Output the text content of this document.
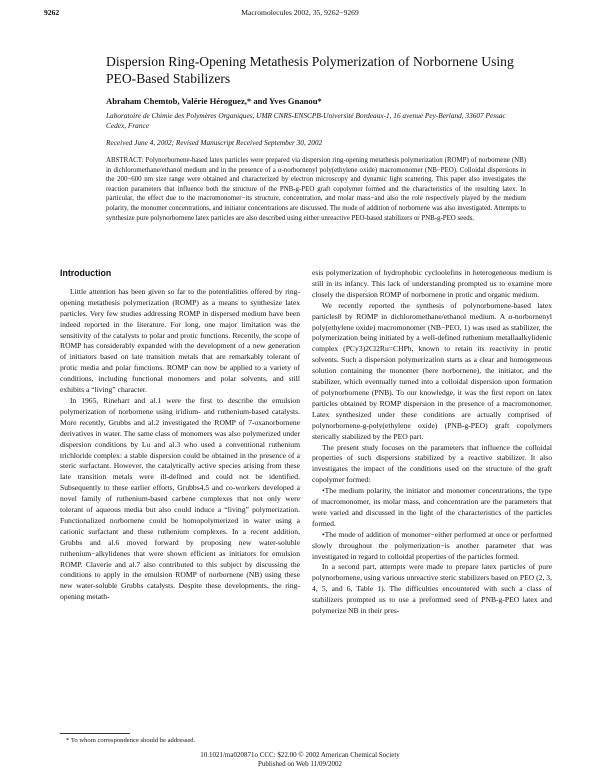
9262	Macromolecules 2002, 35, 9262−9269
Dispersion Ring-Opening Metathesis Polymerization of Norbornene Using PEO-Based Stabilizers
Abraham Chemtob, Valérie Héroguez,* and Yves Gnanou*
Laboratoire de Chimie des Polymères Organiques, UMR CNRS-ENSCPB-Université Bordeaux-1, 16 avenue Pey-Berland, 33607 Pessac Cedex, France
Received June 4, 2002; Revised Manuscript Received September 30, 2002
ABSTRACT: Polynorbornene-based latex particles were prepared via dispersion ring-opening metathesis polymerization (ROMP) of norbornene (NB) in dichloromethane/ethanol medium and in the presence of a α-norbornenyl poly(ethylene oxide) macromonomer (NB−PEO). Colloidal dispersions in the 200−600 nm size range were obtained and characterized by electron microscopy and dynamic light scattering. This paper also investigates the reaction parameters that influence both the structure of the PNB-g-PEO graft copolymer formed and the characteristics of the resulting latex. In particular, the effect due to the macromonomer−its structure, concentration, and molar mass−and also the role respectively played by the medium polarity, the monomer concentrations, and initiator concentrations are discussed. The mode of addition of norbornene was also investigated. Attempts to synthesize pure polynorbornene latex particles are also described using either unreactive PEO-based stabilizers or PNB-g-PEO seeds.
Introduction

Little attention has been given so far to the potentialities offered by ring-opening metathesis polymerization (ROMP) as a means to synthesize latex particles. Very few studies addressing ROMP in dispersed medium have been indeed reported in the literature. For long, one major limitation was the sensitivity of the catalysts to polar and protic functions. Recently, the scope of ROMP has considerably expanded with the development of a new generation of initiators based on late transition metals that are remarkably tolerant of protic media and polar functions. ROMP can now be applied to a variety of conditions, including functional monomers and polar solvents, and still exhibits a “living” character.

In 1965, Rinehart and al.1 were the first to describe the emulsion polymerization of norbornene using iridium- and ruthenium-based catalysts. More recently, Grubbs and al.2 investigated the ROMP of 7-oxanorbornene derivatives in water. The same class of monomers was also polymerized under dispersion conditions by Lu and al.3 who used a conventional ruthenium trichloride complex: a stable dispersion could be obtained in the presence of a steric surfactant. However, the catalytically active species arising from these late transition metals were ill-defined and could not be identified. Subsequently to these earlier efforts, Grubbs4,5 and co-workers developed a novel family of ruthenium-based carbene complexes that not only were tolerant of aqueous media but also could induce a “living” polymerization. Functionalized norbornene could be homopolymerized in water using a cationic surfactant and these ruthenium complexes. In a recent addition, Grubbs and al.6 moved forward by proposing new water-soluble ruthenium−alkylidenes that were shown efficient as initiators for emulsion ROMP. Claverie and al.7 also contributed to this subject by discussing the conditions to apply in the emulsion ROMP of norbornene (NB) using these new water-soluble Grubbs catalysts. Despite these developments, the ring-opening metath-

esis polymerization of hydrophobic cycloolefins in heterogeneous medium is still in its infancy. This lack of understanding prompted us to examine more closely the dispersion ROMP of norbornene in protic and organic medium.

We recently reported the synthesis of polynorbornene-based latex particles8 by ROMP in dichloromethane/ethanol medium. A α-norbornenyl poly(ethylene oxide) macromonomer (NB−PEO, 1) was used as stabilizer, the polymerization being initiated by a well-defined ruthenium metallaalkylidenic complex (PCy3)2Cl2Ru=CHPh, known to retain its reactivity in protic solvents. Such a dispersion polymerization starts as a clear and homogeneous solution containing the monomer (here norbornene), the initiator, and the stabilizer, which eventually turned into a colloidal dispersion upon formation of polynorbornene (PNB). To our knowledge, it was the first report on latex particles obtained by ROMP dispersion in the presence of a macromonomer. Latex synthesized under these conditions are actually comprised of polynorbornene-g-poly(ethylene oxide) (PNB-g-PEO) graft copolymers sterically stabilized by the PEO part.

The present study focuses on the parameters that influence the colloidal properties of such dispersions stabilized by a reactive stabilizer. It also investigates the impact of the conditions used on the structure of the graft copolymer formed:

•The medium polarity, the initiator and monomer concentrations, the type of macromonomer, its molar mass, and concentration are the parameters that were varied and discussed in the light of the characteristics of the particles formed.
•The mode of addition of monomer−either performed at once or performed slowly throughout the polymerization−is another parameter that was investigated in regard to colloidal properties of the particles formed.

In a second part, attempts were made to prepare latex particles of pure polynorbornene, using various unreactive steric stabilizers based on PEO (2, 3, 4, 5, and 6, Table 1). The difficulties encountered with such a class of stabilizers prompted us to use a preformed seed of PNB-g-PEO latex and polymerize NB in their pres-

* To whom correspondence should be addressed.
10.1021/ma020871o CCC: $22.00 © 2002 American Chemical Society
Published on Web 11/09/2002
